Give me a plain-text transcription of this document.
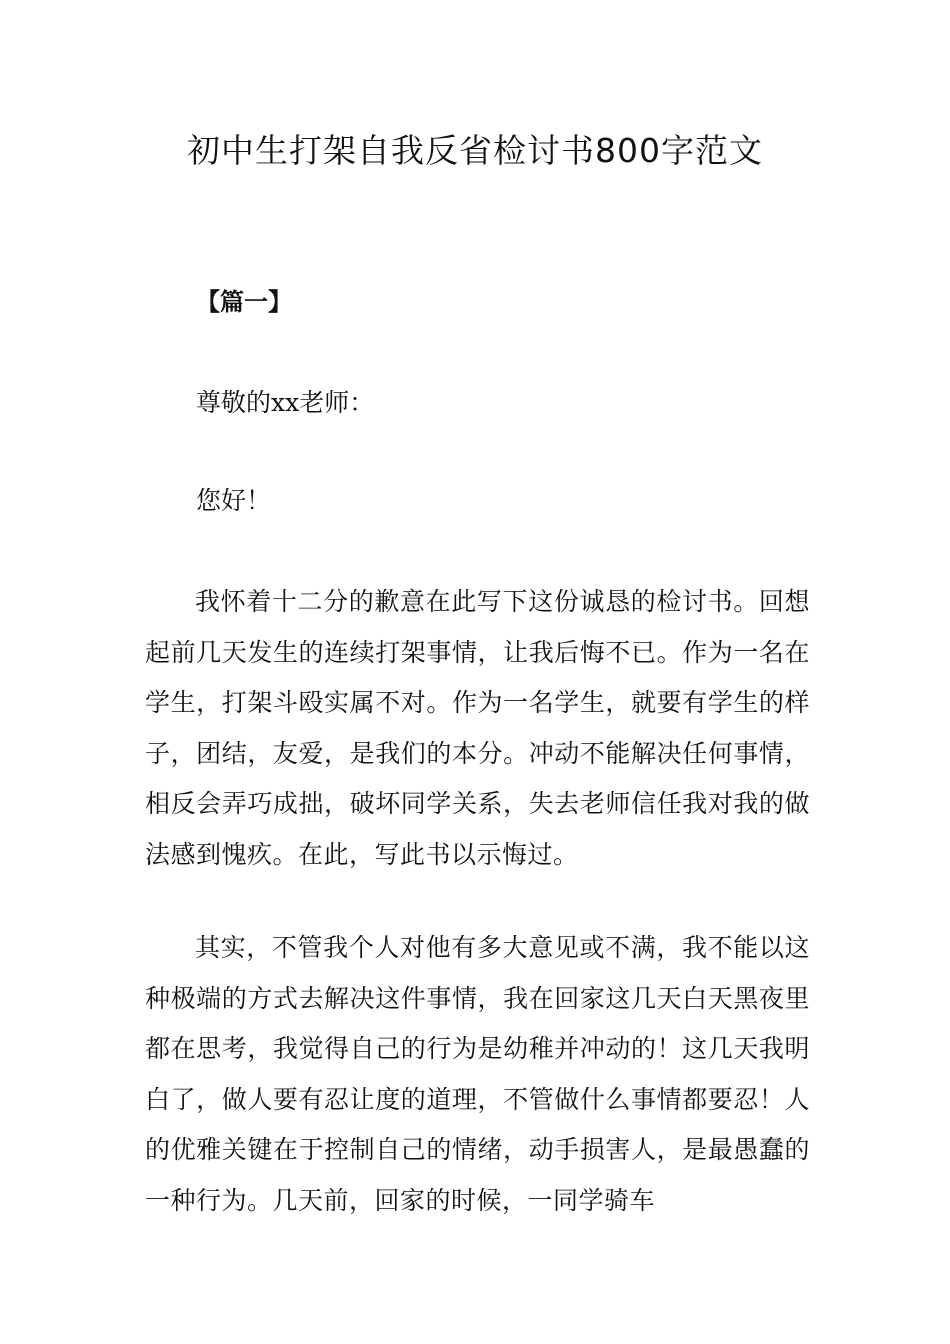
初中生打架自我反省检讨书800字范文

【篇一】

尊敬的xx老师：

您好！

我怀着十二分的歉意在此写下这份诚恳的检讨书。回想起前几天发生的连续打架事情，让我后悔不已。作为一名在学生，打架斗殴实属不对。作为一名学生，就要有学生的样子，团结，友爱，是我们的本分。冲动不能解决任何事情，相反会弄巧成拙，破坏同学关系，失去老师信任我对我的做法感到愧疚。在此，写此书以示悔过。

其实，不管我个人对他有多大意见或不满，我不能以这种极端的方式去解决这件事情，我在回家这几天白天黑夜里都在思考，我觉得自己的行为是幼稚并冲动的！这几天我明白了，做人要有忍让度的道理，不管做什么事情都要忍！人的优雅关键在于控制自己的情绪，动手损害人，是最愚蠢的一种行为。几天前，回家的时候，一同学骑车
